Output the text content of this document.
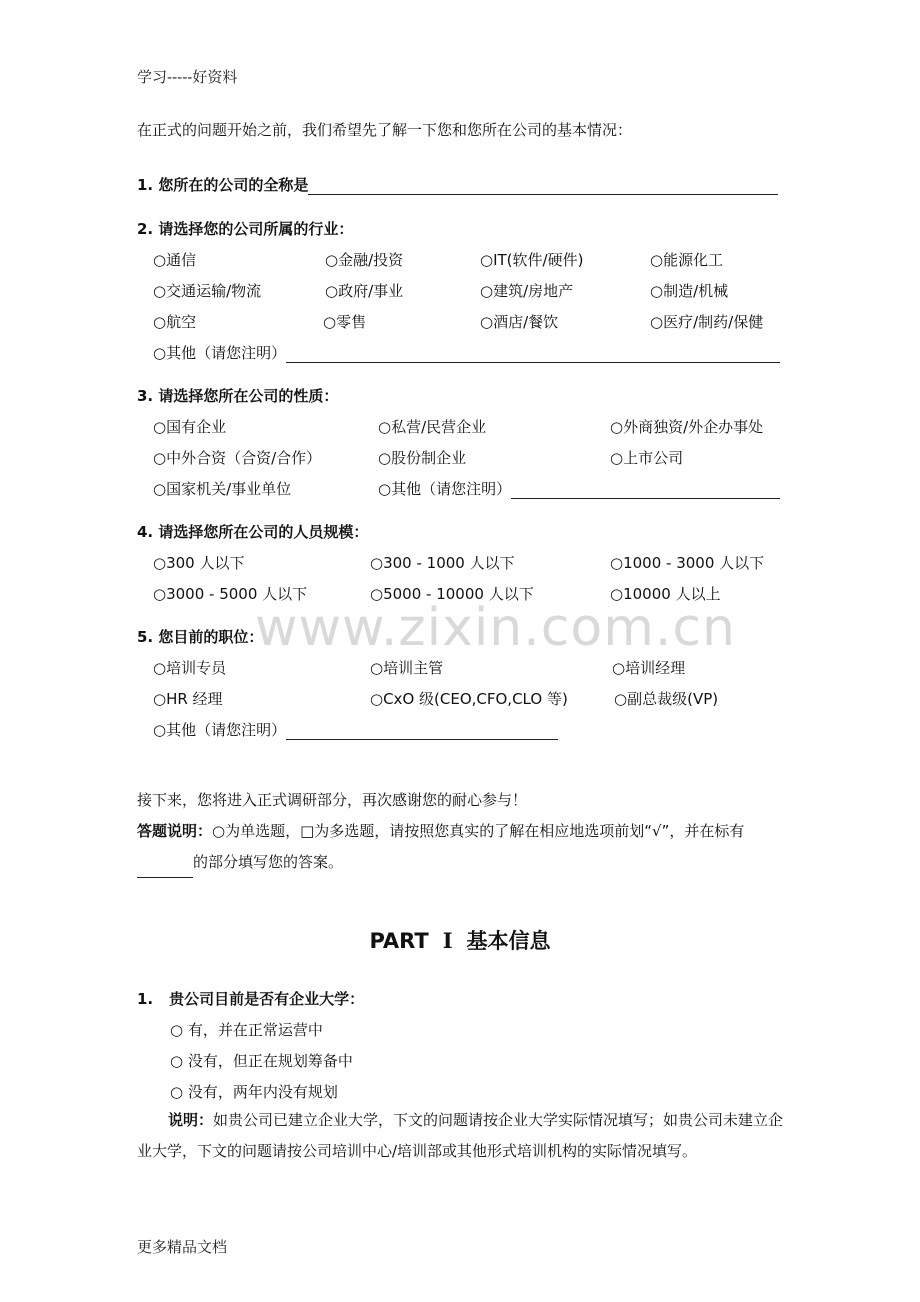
学习-----好资料
在正式的问题开始之前，我们希望先了解一下您和您所在公司的基本情况：
1. 您所在的公司的全称是
2. 请选择您的公司所属的行业：
○通信	○金融/投资	○IT(软件/硬件)	○能源化工
○交通运输/物流	○政府/事业	○建筑/房地产	○制造/机械
○航空	○零售	○酒店/餐饮	○医疗/制药/保健
○其他（请您注明）
3. 请选择您所在公司的性质：
○国有企业	○私营/民营企业	○外商独资/外企办事处
○中外合资（合资/合作）	○股份制企业	○上市公司
○国家机关/事业单位	○其他（请您注明）
4. 请选择您所在公司的人员规模：
○300 人以下	○300 - 1000 人以下	○1000 - 3000 人以下
○3000 - 5000 人以下	○5000 - 10000 人以下	○10000 人以上
www.zixin.com.cn
5. 您目前的职位：
○培训专员	○培训主管	○培训经理
○HR 经理	○CxO 级(CEO,CFO,CLO 等)	○副总裁级(VP)
○其他（请您注明）
接下来，您将进入正式调研部分，再次感谢您的耐心参与！
答题说明：○为单选题，□为多选题，请按照您真实的了解在相应地选项前划“√”，并在标有的部分填写您的答案。
PART I 基本信息
1. 贵公司目前是否有企业大学：
○ 有，并在正常运营中
○ 没有，但正在规划筹备中
○ 没有，两年内没有规划
说明：如贵公司已建立企业大学，下文的问题请按企业大学实际情况填写；如贵公司未建立企业大学，下文的问题请按公司培训中心/培训部或其他形式培训机构的实际情况填写。
更多精品文档
